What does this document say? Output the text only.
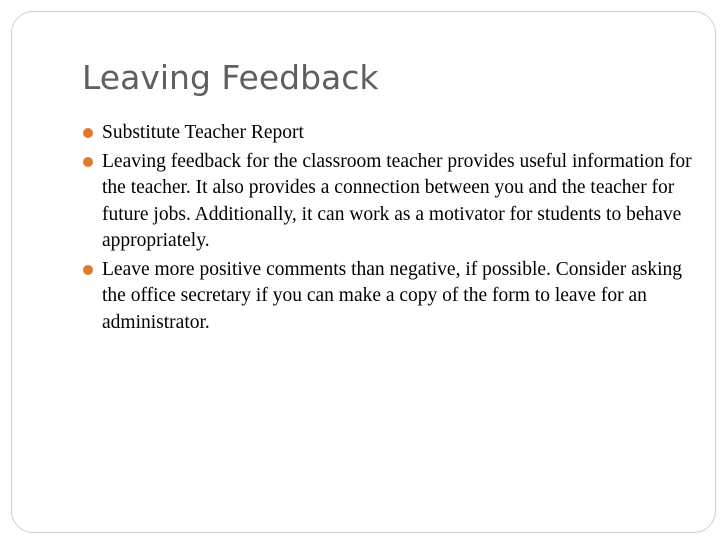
Leaving Feedback
Substitute Teacher Report
Leaving feedback for the classroom teacher provides useful information for the teacher. It also provides a connection between you and the teacher for future jobs. Additionally, it can work as a motivator for students to behave appropriately.
Leave more positive comments than negative, if possible. Consider asking the office secretary if you can make a copy of the form to leave for an administrator.
